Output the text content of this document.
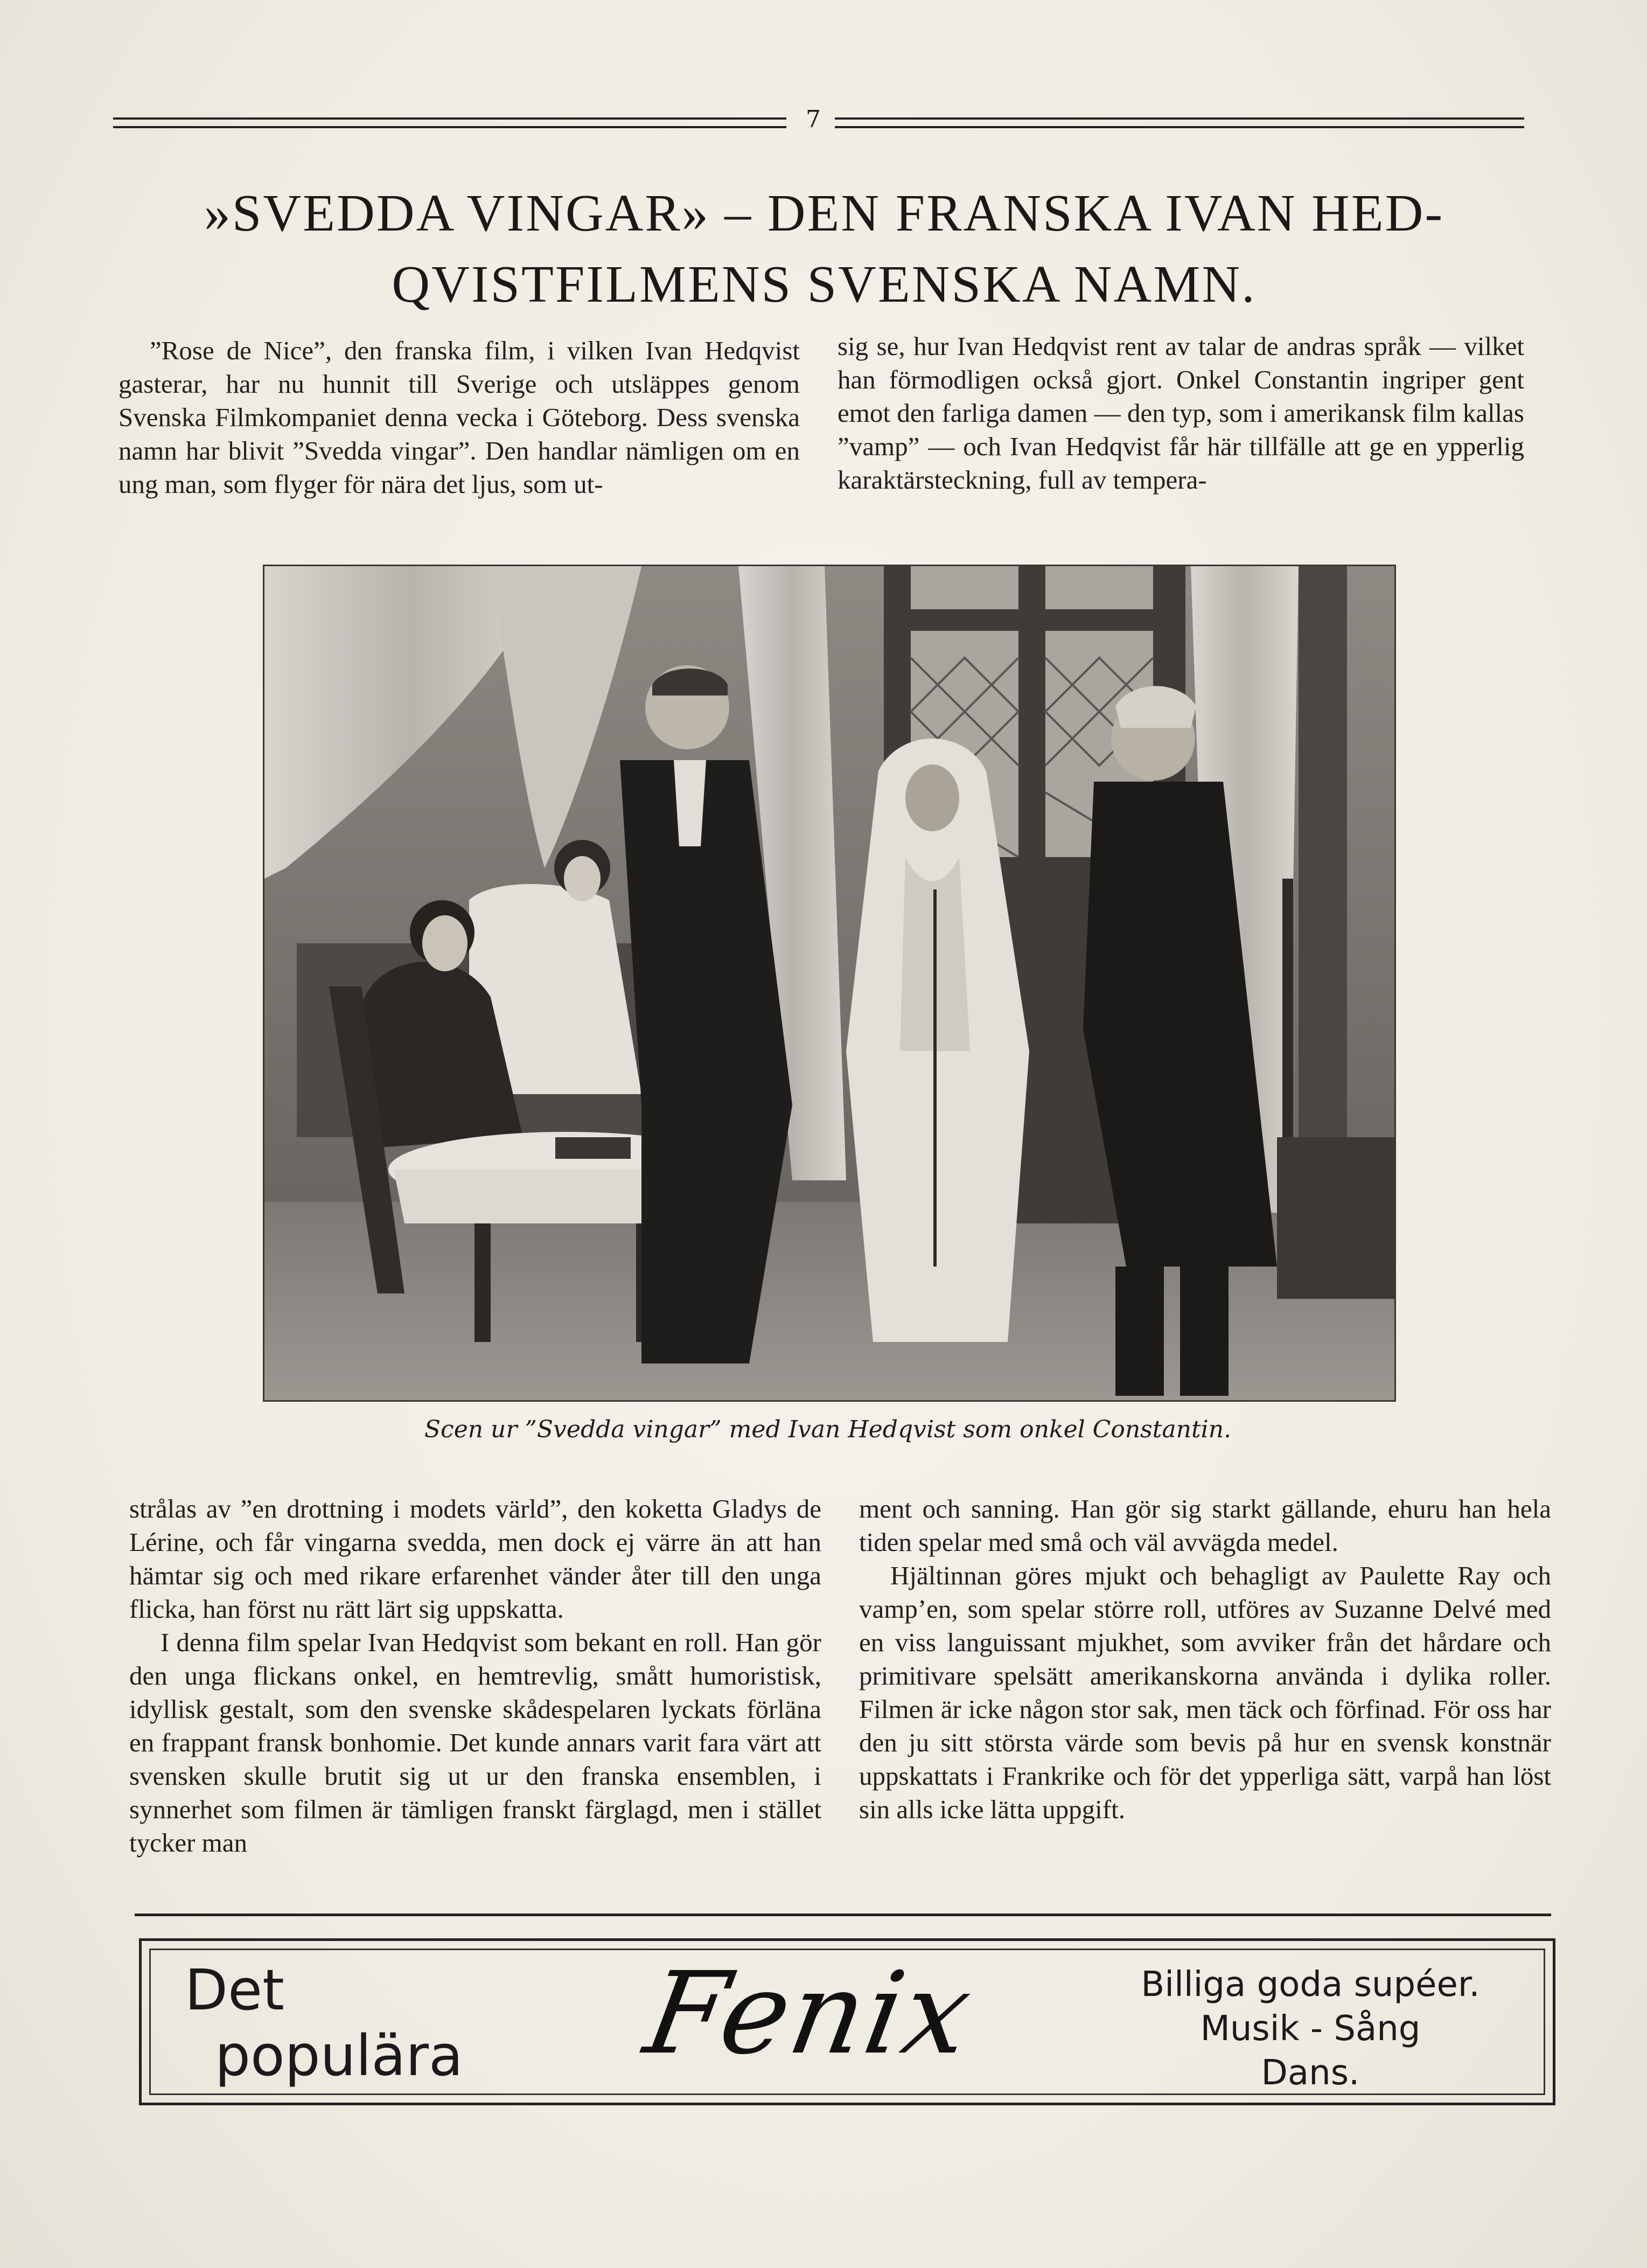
7
»SVEDDA VINGAR» – DEN FRANSKA IVAN HED-
QVISTFILMENS SVENSKA NAMN.

”Rose de Nice”, den franska film, i vilken Ivan Hedqvist gasterar, har nu hunnit till Sverige och utsläppes genom Svenska Filmkompaniet denna vecka i Göteborg. Dess svenska namn har blivit ”Svedda vingar”. Den handlar nämligen om en ung man, som flyger för nära det ljus, som ut-

sig se, hur Ivan Hedqvist rent av talar de andras språk — vilket han förmodligen också gjort. Onkel Constantin ingriper gent emot den farliga damen — den typ, som i amerikansk film kallas ”vamp” — och Ivan Hedqvist får här tillfälle att ge en ypperlig karaktärsteckning, full av tempera-

Scen ur ”Svedda vingar” med Ivan Hedqvist som onkel Constantin.

strålas av ”en drottning i modets värld”, den koketta Gladys de Lérine, och får vingarna svedda, men dock ej värre än att han hämtar sig och med rikare erfarenhet vänder åter till den unga flicka, han först nu rätt lärt sig uppskatta.

I denna film spelar Ivan Hedqvist som bekant en roll. Han gör den unga flickans onkel, en hemtrevlig, smått humoristisk, idyllisk gestalt, som den svenske skådespelaren lyckats förläna en frappant fransk bonhomie. Det kunde annars varit fara värt att svensken skulle brutit sig ut ur den franska ensemblen, i synnerhet som filmen är tämligen franskt färglagd, men i stället tycker man

ment och sanning. Han gör sig starkt gällande, ehuru han hela tiden spelar med små och väl avvägda medel.

Hjältinnan göres mjukt och behagligt av Paulette Ray och vamp’en, som spelar större roll, utföres av Suzanne Delvé med en viss languissant mjukhet, som avviker från det hårdare och primitivare spelsätt amerikanskorna använda i dylika roller. Filmen är icke någon stor sak, men täck och förfinad. För oss har den ju sitt största värde som bevis på hur en svensk konstnär uppskattats i Frankrike och för det ypperliga sätt, varpå han löst sin alls icke lätta uppgift.

Det
populära	Fenix	Billiga goda supéer.
Musik - Sång
Dans.
